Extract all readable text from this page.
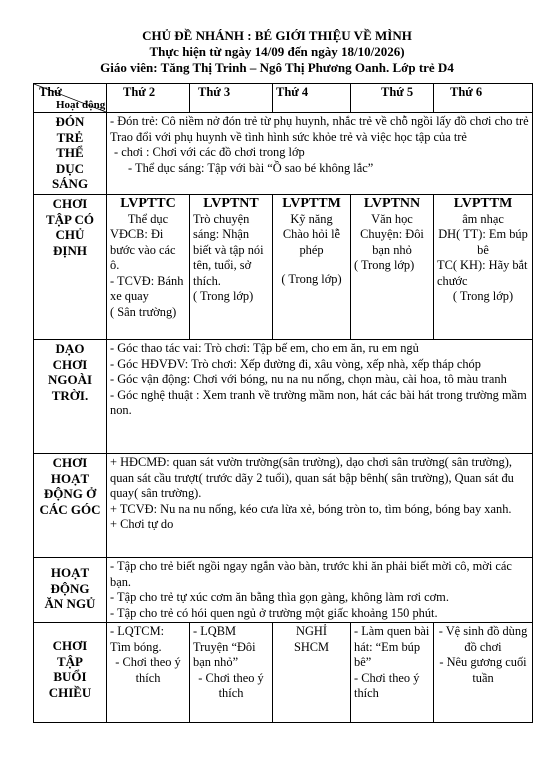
CHỦ ĐỀ NHÁNH : BÉ GIỚI THIỆU VỀ MÌNH
Thực hiện từ ngày 14/09 đến ngày 18/10/2026)
Giáo viên: Tăng Thị Trinh – Ngô Thị Phương Oanh. Lớp trẻ D4
Thứ
Hoạt động	Thứ 2	Thứ 3	Thứ 4	Thứ 5	Thứ 6

ĐÓN TRẺ THỂ DỤC SÁNG	- Đón trẻ: Cô niềm nở đón trẻ từ phụ huynh, nhắc trẻ về chỗ ngồi lấy đồ chơi cho trẻ Trao đổi với phụ huynh về tình hình sức khỏe trẻ và việc học tập của trẻ
- chơi : Chơi với các đồ chơi trong lớp
- Thể dục sáng: Tập với bài “Ồ sao bé không lắc”				

CHƠI TẬP CÓ CHỦ ĐỊNH	LVPTTC
Thể dục
VĐCB: Đi bước vào các ô.
- TCVĐ: Bánh xe quay
( Sân trường)	LVPTNT
Trò chuyện sáng: Nhận biết và tập nói tên, tuổi, sở thích.
( Trong lớp)	LVPTTM
Kỹ năng
Chào hỏi lễ phép
( Trong lớp)	LVPTNN
Văn học
Chuyện: Đôi bạn nhỏ
( Trong lớp)	LVPTTM
âm nhạc
DH( TT): Em búp bê
TC( KH): Hãy bắt chước
( Trong lớp)

DẠO CHƠI NGOÀI TRỜI.	- Góc thao tác vai: Trò chơi: Tập bế em, cho em ăn, ru em ngủ
- Góc HĐVĐV: Trò chơi: Xếp đường đi, xâu vòng, xếp nhà, xếp tháp chóp
- Góc vận động: Chơi với bóng, nu na nu nống, chọn màu, cài hoa, tô màu tranh
- Góc nghệ thuật : Xem tranh về trường mầm non, hát các bài hát trong trường mầm non.				

CHƠI HOẠT ĐỘNG Ở CÁC GÓC	+ HĐCMĐ: quan sát vườn trường(sân trường), dạo chơi sân trường( sân trường), quan sát cầu trượt( trước dãy 2 tuổi), quan sát bập bênh( sân trường), Quan sát đu quay( sân trường).
+ TCVĐ: Nu na nu nống, kéo cưa lừa xẻ, bóng tròn to, tìm bóng, bóng bay xanh.
+ Chơi tự do				

HOẠT ĐỘNG ĂN NGỦ	- Tập cho trẻ biết ngồi ngay ngắn vào bàn, trước khi ăn phải biết mời cô, mời các bạn.
- Tập cho trẻ tự xúc cơm ăn bằng thìa gọn gàng, không làm rơi cơm.
- Tập cho trẻ có hói quen ngủ ở trường một giấc khoảng 150 phút.				

CHƠI TẬP BUỔI CHIỀU	- LQTCM:
Tìm bóng.
- Chơi theo ý thích	- LQBM
Truyện “Đôi bạn nhỏ”
- Chơi theo ý thích	NGHỈ
SHCM	- Làm quen bài hát: “Em búp bê”
- Chơi theo ý thích	- Vệ sinh đồ dùng đồ chơi
- Nêu gương cuối tuần
